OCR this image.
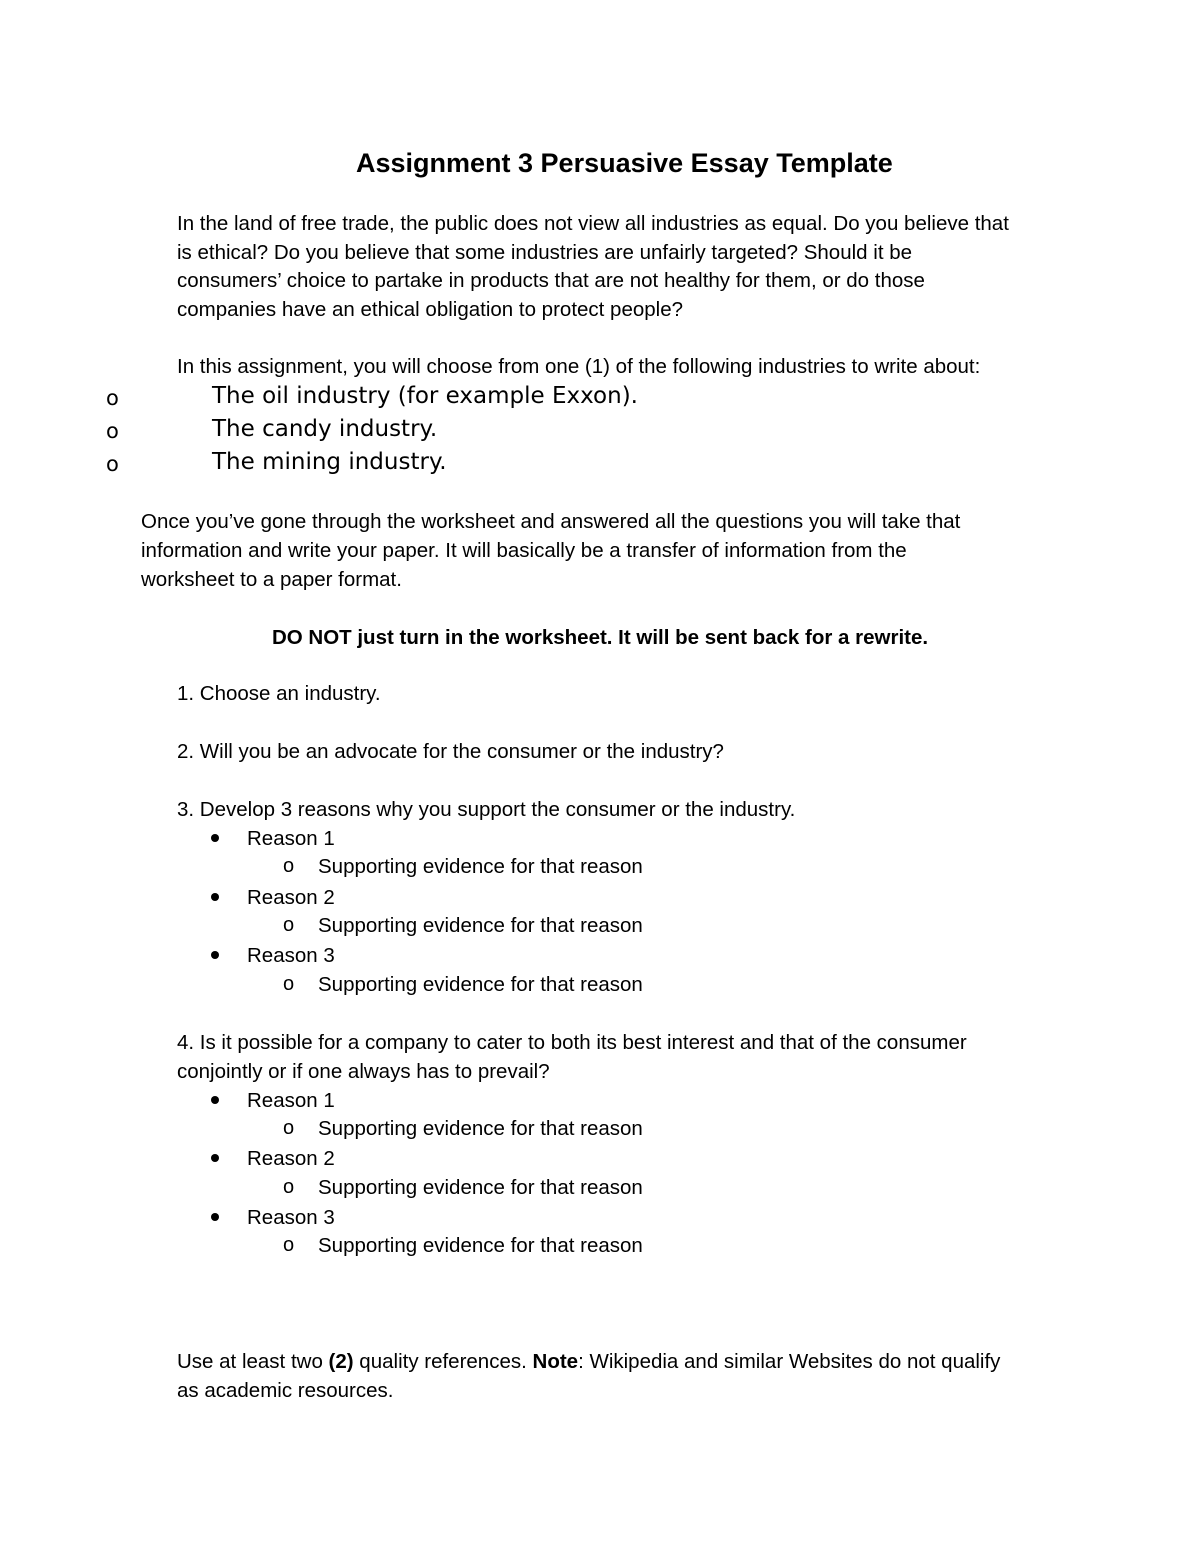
Assignment 3 Persuasive Essay Template
In the land of free trade, the public does not view all industries as equal. Do you believe that
is ethical? Do you believe that some industries are unfairly targeted? Should it be
consumers’ choice to partake in products that are not healthy for them, or do those
companies have an ethical obligation to protect people?
In this assignment, you will choose from one (1) of the following industries to write about:
o	The oil industry (for example Exxon).
o	The candy industry.
o	The mining industry.
Once you’ve gone through the worksheet and answered all the questions you will take that
information and write your paper. It will basically be a transfer of information from the
worksheet to a paper format.
DO NOT just turn in the worksheet. It will be sent back for a rewrite.
1. Choose an industry.
2. Will you be an advocate for the consumer or the industry?
3. Develop 3 reasons why you support the consumer or the industry.
Reason 1
o Supporting evidence for that reason
Reason 2
o Supporting evidence for that reason
Reason 3
o Supporting evidence for that reason
4. Is it possible for a company to cater to both its best interest and that of the consumer
conjointly or if one always has to prevail?
Reason 1
o Supporting evidence for that reason
Reason 2
o Supporting evidence for that reason
Reason 3
o Supporting evidence for that reason
Use at least two (2) quality references. Note: Wikipedia and similar Websites do not qualify
as academic resources.
